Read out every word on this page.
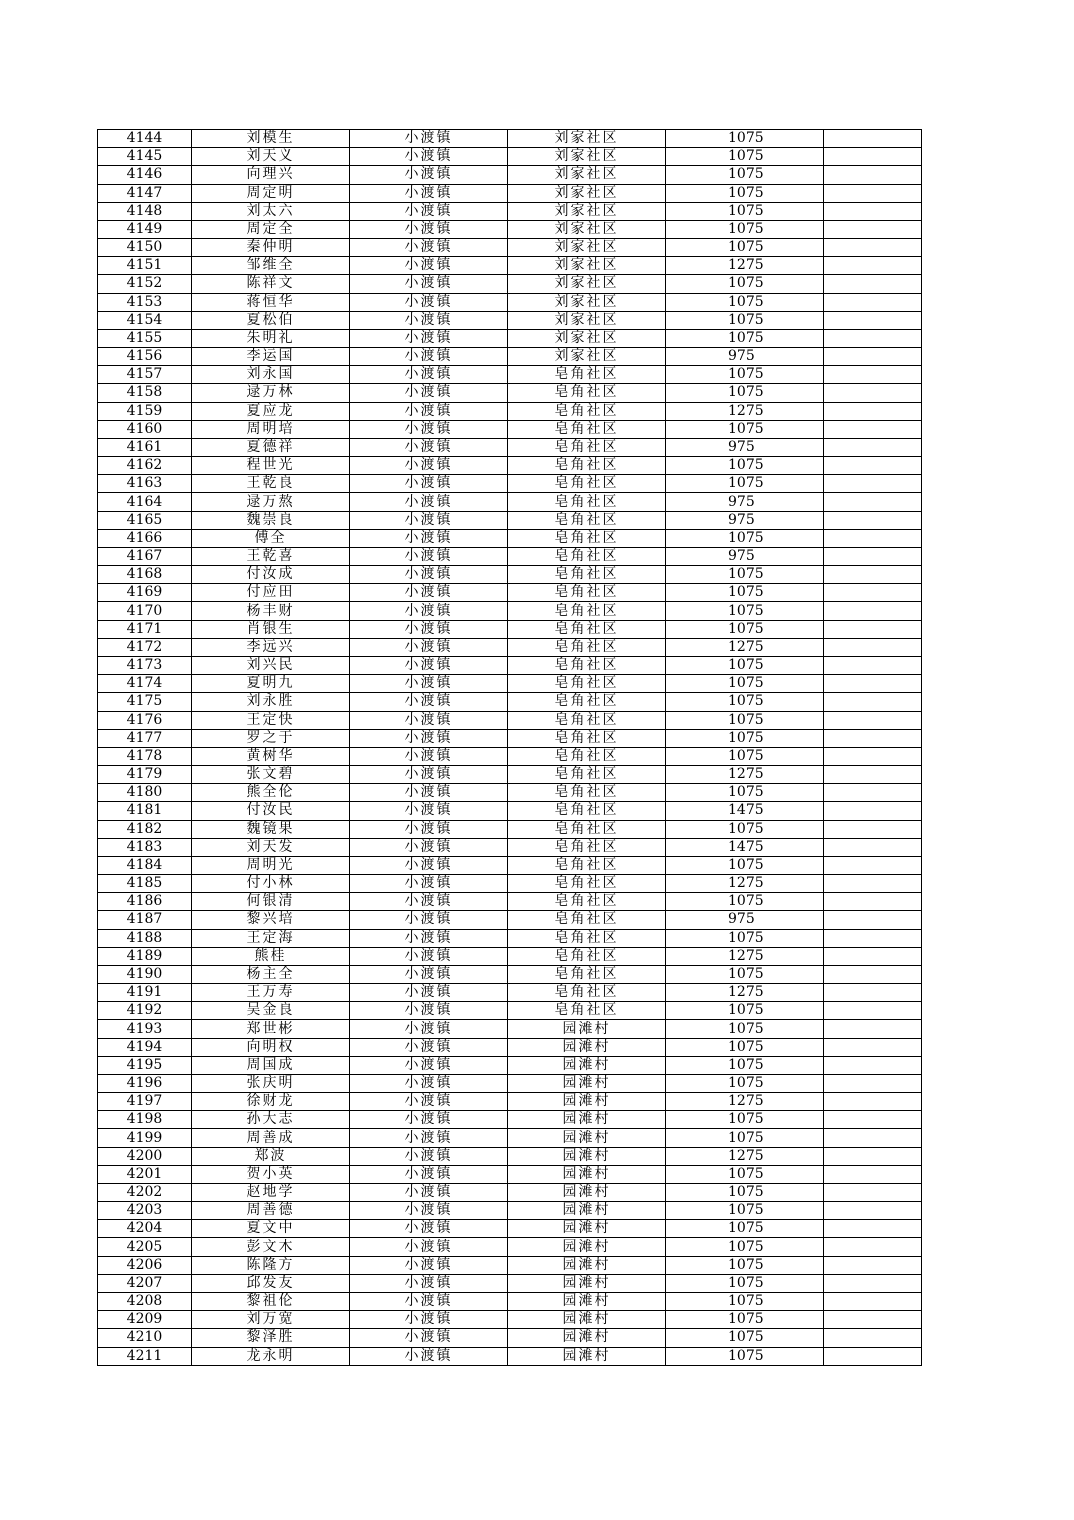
4144	刘模生	小渡镇	刘家社区	1075	
4145	刘天义	小渡镇	刘家社区	1075	
4146	向理兴	小渡镇	刘家社区	1075	
4147	周定明	小渡镇	刘家社区	1075	
4148	刘太六	小渡镇	刘家社区	1075	
4149	周定全	小渡镇	刘家社区	1075	
4150	秦仲明	小渡镇	刘家社区	1075	
4151	邹维全	小渡镇	刘家社区	1275	
4152	陈祥文	小渡镇	刘家社区	1075	
4153	蒋恒华	小渡镇	刘家社区	1075	
4154	夏松伯	小渡镇	刘家社区	1075	
4155	朱明礼	小渡镇	刘家社区	1075	
4156	李运国	小渡镇	刘家社区	975	
4157	刘永国	小渡镇	皂角社区	1075	
4158	逯万林	小渡镇	皂角社区	1075	
4159	夏应龙	小渡镇	皂角社区	1275	
4160	周明培	小渡镇	皂角社区	1075	
4161	夏德祥	小渡镇	皂角社区	975	
4162	程世光	小渡镇	皂角社区	1075	
4163	王乾良	小渡镇	皂角社区	1075	
4164	逯万熬	小渡镇	皂角社区	975	
4165	魏崇良	小渡镇	皂角社区	975	
4166	傅全	小渡镇	皂角社区	1075	
4167	王乾喜	小渡镇	皂角社区	975	
4168	付汝成	小渡镇	皂角社区	1075	
4169	付应田	小渡镇	皂角社区	1075	
4170	杨丰财	小渡镇	皂角社区	1075	
4171	肖银生	小渡镇	皂角社区	1075	
4172	李远兴	小渡镇	皂角社区	1275	
4173	刘兴民	小渡镇	皂角社区	1075	
4174	夏明九	小渡镇	皂角社区	1075	
4175	刘永胜	小渡镇	皂角社区	1075	
4176	王定快	小渡镇	皂角社区	1075	
4177	罗之于	小渡镇	皂角社区	1075	
4178	黄树华	小渡镇	皂角社区	1075	
4179	张文碧	小渡镇	皂角社区	1275	
4180	熊全伦	小渡镇	皂角社区	1075	
4181	付汝民	小渡镇	皂角社区	1475	
4182	魏镜果	小渡镇	皂角社区	1075	
4183	刘天发	小渡镇	皂角社区	1475	
4184	周明光	小渡镇	皂角社区	1075	
4185	付小林	小渡镇	皂角社区	1275	
4186	何银清	小渡镇	皂角社区	1075	
4187	黎兴培	小渡镇	皂角社区	975	
4188	王定海	小渡镇	皂角社区	1075	
4189	熊桂	小渡镇	皂角社区	1275	
4190	杨主全	小渡镇	皂角社区	1075	
4191	王万寿	小渡镇	皂角社区	1275	
4192	吴金良	小渡镇	皂角社区	1075	
4193	郑世彬	小渡镇	园滩村	1075	
4194	向明权	小渡镇	园滩村	1075	
4195	周国成	小渡镇	园滩村	1075	
4196	张庆明	小渡镇	园滩村	1075	
4197	徐财龙	小渡镇	园滩村	1275	
4198	孙大志	小渡镇	园滩村	1075	
4199	周善成	小渡镇	园滩村	1075	
4200	郑波	小渡镇	园滩村	1275	
4201	贺小英	小渡镇	园滩村	1075	
4202	赵地学	小渡镇	园滩村	1075	
4203	周善德	小渡镇	园滩村	1075	
4204	夏文中	小渡镇	园滩村	1075	
4205	彭文木	小渡镇	园滩村	1075	
4206	陈隆方	小渡镇	园滩村	1075	
4207	邱发友	小渡镇	园滩村	1075	
4208	黎祖伦	小渡镇	园滩村	1075	
4209	刘万宽	小渡镇	园滩村	1075	
4210	黎泽胜	小渡镇	园滩村	1075	
4211	龙永明	小渡镇	园滩村	1075	
